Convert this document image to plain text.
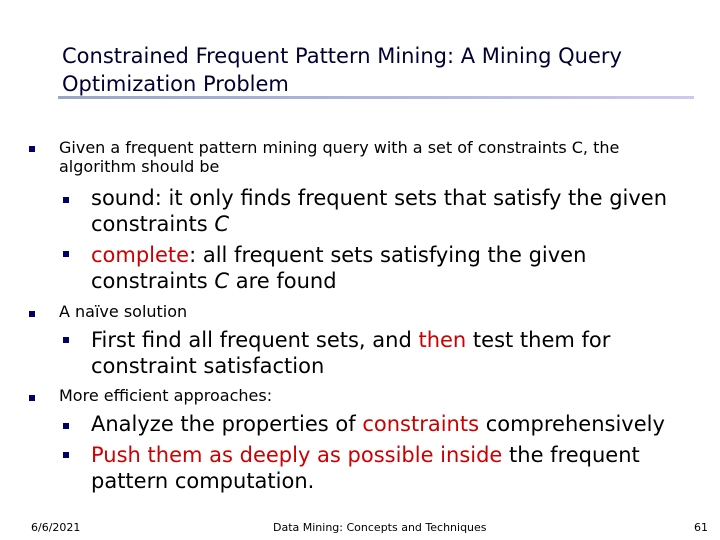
Constrained Frequent Pattern Mining: A Mining Query
Optimization Problem
Given a frequent pattern mining query with a set of constraints C, the
algorithm should be
sound: it only finds frequent sets that satisfy the given
constraints C
complete: all frequent sets satisfying the given
constraints C are found
A naïve solution
First find all frequent sets, and then test them for
constraint satisfaction
More efficient approaches:
Analyze the properties of constraints comprehensively
Push them as deeply as possible inside the frequent
pattern computation.
6/6/2021	Data Mining: Concepts and Techniques	61
